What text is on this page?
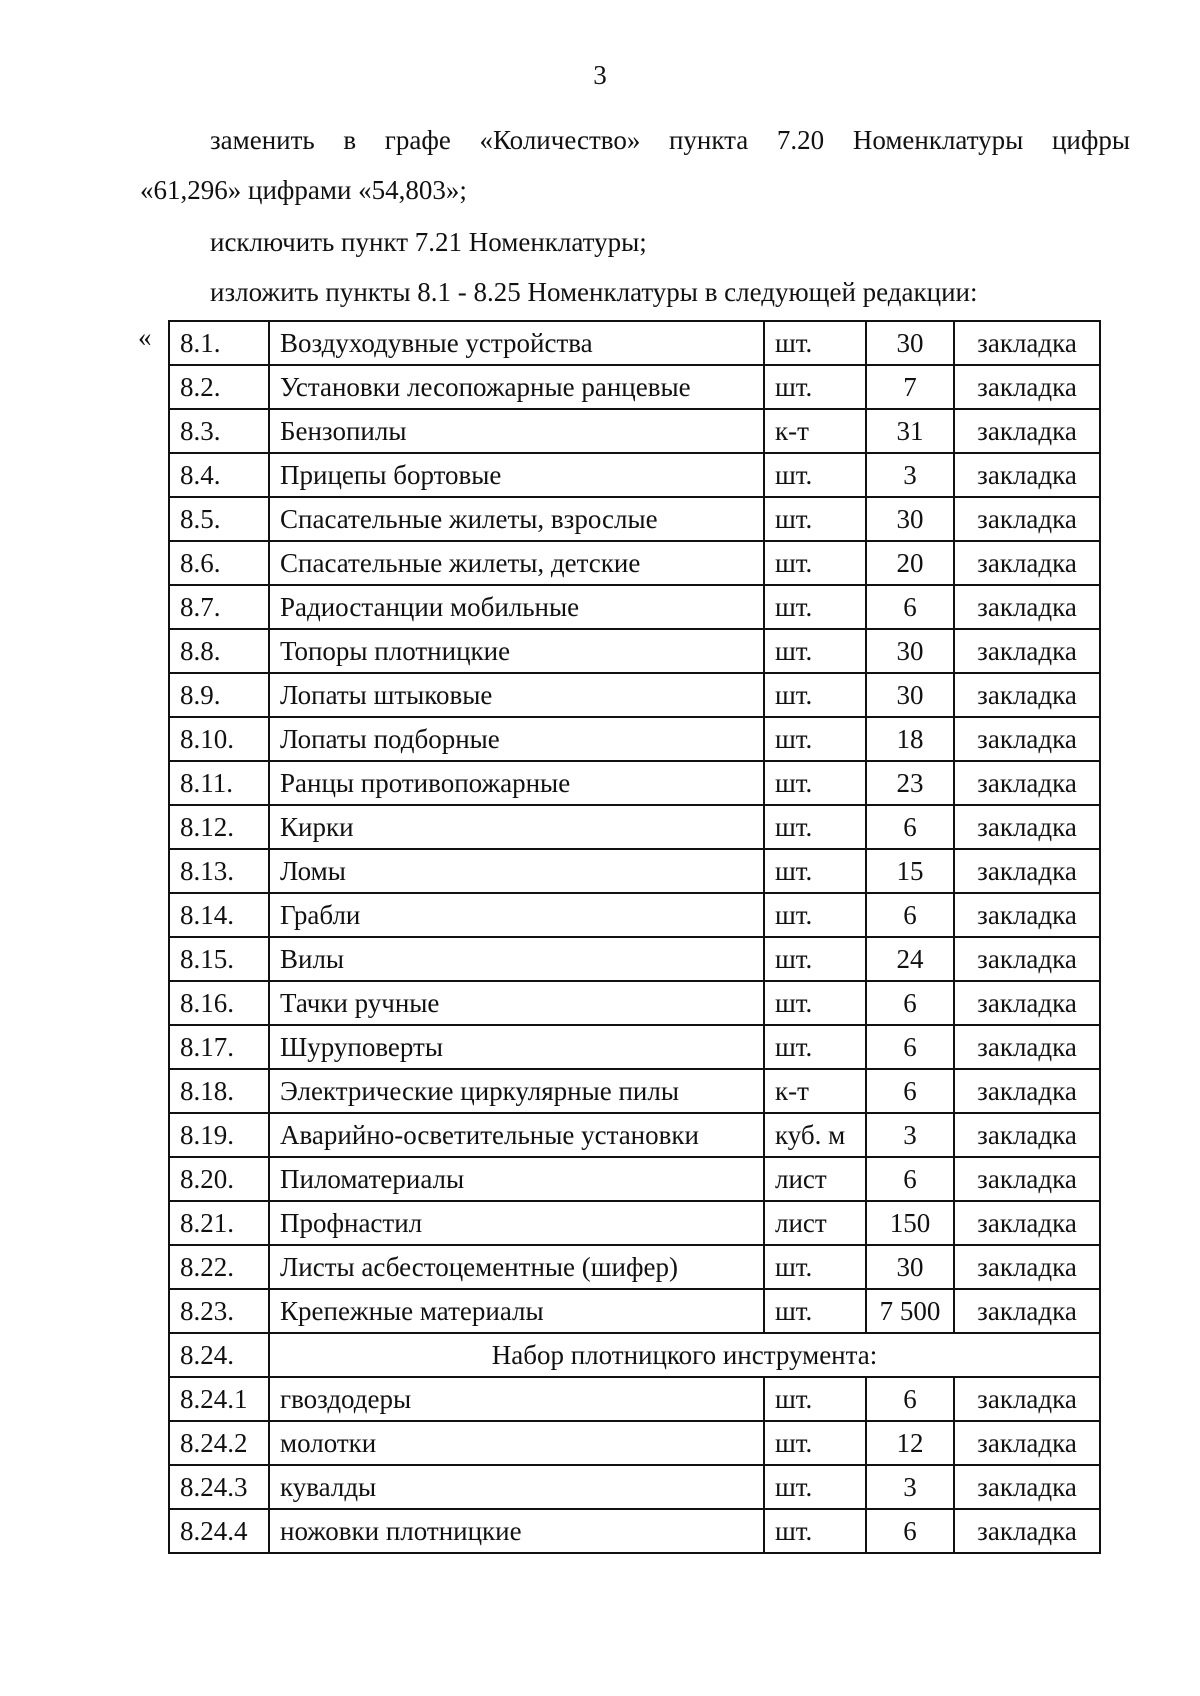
3
заменить в графе «Количество» пункта 7.20 Номенклатуры цифры
«61,296» цифрами «54,803»;
исключить пункт 7.21 Номенклатуры;
изложить пункты 8.1 - 8.25 Номенклатуры в следующей редакции:
« 8.1.	Воздуходувные устройства	шт.	30	закладка
8.2.	Установки лесопожарные ранцевые	шт.	7	закладка
8.3.	Бензопилы	к-т	31	закладка
8.4.	Прицепы бортовые	шт.	3	закладка
8.5.	Спасательные жилеты, взрослые	шт.	30	закладка
8.6.	Спасательные жилеты, детские	шт.	20	закладка
8.7.	Радиостанции мобильные	шт.	6	закладка
8.8.	Топоры плотницкие	шт.	30	закладка
8.9.	Лопаты штыковые	шт.	30	закладка
8.10.	Лопаты подборные	шт.	18	закладка
8.11.	Ранцы противопожарные	шт.	23	закладка
8.12.	Кирки	шт.	6	закладка
8.13.	Ломы	шт.	15	закладка
8.14.	Грабли	шт.	6	закладка
8.15.	Вилы	шт.	24	закладка
8.16.	Тачки ручные	шт.	6	закладка
8.17.	Шуруповерты	шт.	6	закладка
8.18.	Электрические циркулярные пилы	к-т	6	закладка
8.19.	Аварийно-осветительные установки	куб. м	3	закладка
8.20.	Пиломатериалы	лист	6	закладка
8.21.	Профнастил	лист	150	закладка
8.22.	Листы асбестоцементные (шифер)	шт.	30	закладка
8.23.	Крепежные материалы	шт.	7 500	закладка
8.24.	Набор плотницкого инструмента:			
8.24.1	гвоздодеры	шт.	6	закладка
8.24.2	молотки	шт.	12	закладка
8.24.3	кувалды	шт.	3	закладка
8.24.4	ножовки плотницкие	шт.	6	закладка
